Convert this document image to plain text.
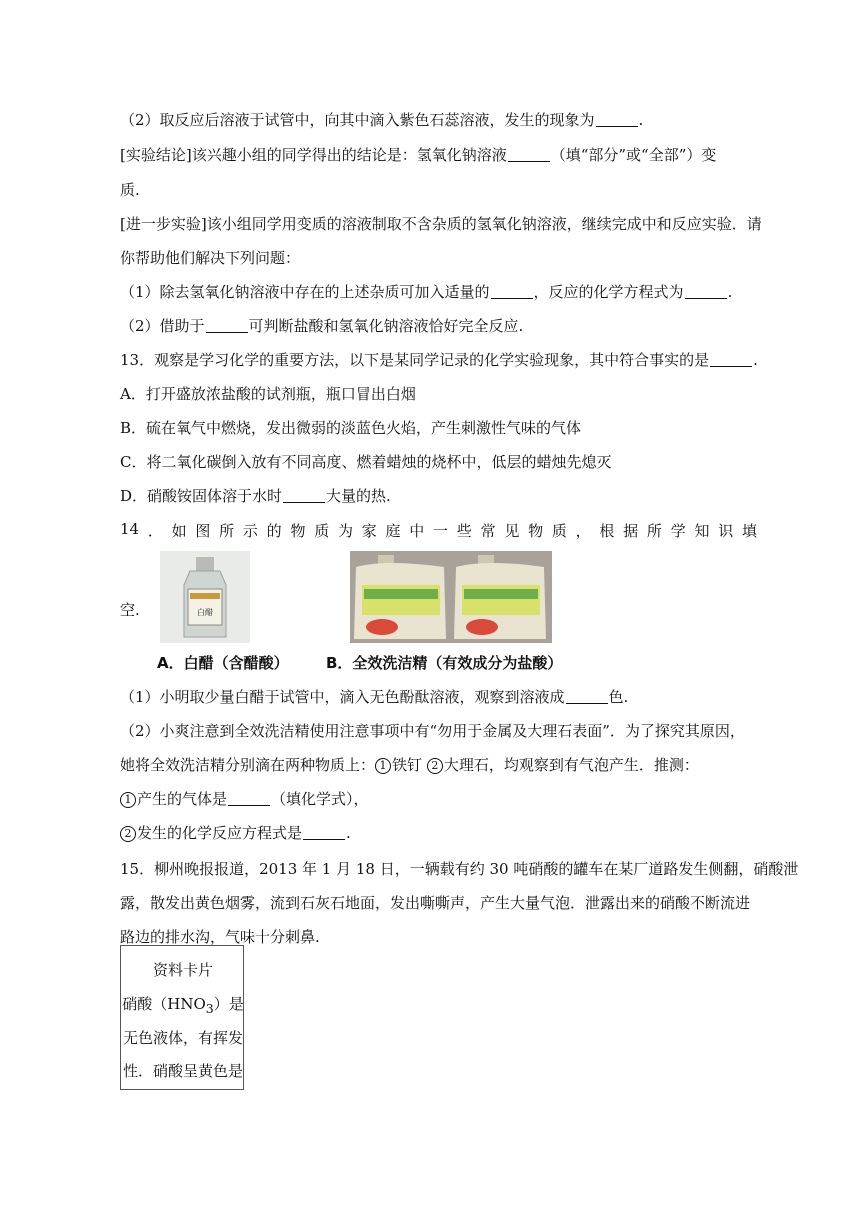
（2）取反应后溶液于试管中，向其中滴入紫色石蕊溶液，发生的现象为	.
[实验结论]该兴趣小组的同学得出的结论是：氢氧化钠溶液	（填“部分”或“全部”）变
质.
[进一步实验]该小组同学用变质的溶液制取不含杂质的氢氧化钠溶液，继续完成中和反应实验．请
你帮助他们解决下列问题：
（1）除去氢氧化钠溶液中存在的上述杂质可加入适量的	，反应的化学方程式为	.
（2）借助于	可判断盐酸和氢氧化钠溶液恰好完全反应.
13．观察是学习化学的重要方法，以下是某同学记录的化学实验现象，其中符合事实的是	.
A．打开盛放浓盐酸的试剂瓶，瓶口冒出白烟
B．硫在氧气中燃烧，发出微弱的淡蓝色火焰，产生刺激性气味的气体
C．将二氧化碳倒入放有不同高度、燃着蜡烛的烧杯中，低层的蜡烛先熄灭
D．硝酸铵固体溶于水时	大量的热.
14 ． 如 图 所 示 的 物 质 为 家 庭 中 一 些 常 见 物 质 ， 根 据 所 学 知 识 填
空.	白醋
A．白醋（含醋酸） B．全效洗洁精（有效成分为盐酸）
（1）小明取少量白醋于试管中，滴入无色酚酞溶液，观察到溶液成	色.
（2）小爽注意到全效洗洁精使用注意事项中有“勿用于金属及大理石表面”．为了探究其原因，
她将全效洗洁精分别滴在两种物质上： 1 铁钉 2 大理石，均观察到有气泡产生．推测：
1 产生的气体是	（填化学式），
2 发生的化学反应方程式是	.
15．柳州晚报报道，2013 年 1 月 18 日，一辆载有约 30 吨硝酸的罐车在某厂道路发生侧翻，硝酸泄
露，散发出黄色烟雾，流到石灰石地面，发出嘶嘶声，产生大量气泡．泄露出来的硝酸不断流进
路边的排水沟，气味十分刺鼻.
资料卡片
硝酸$(HNO_3)$是
无色液体，有挥发
性．硝酸呈黄色是
